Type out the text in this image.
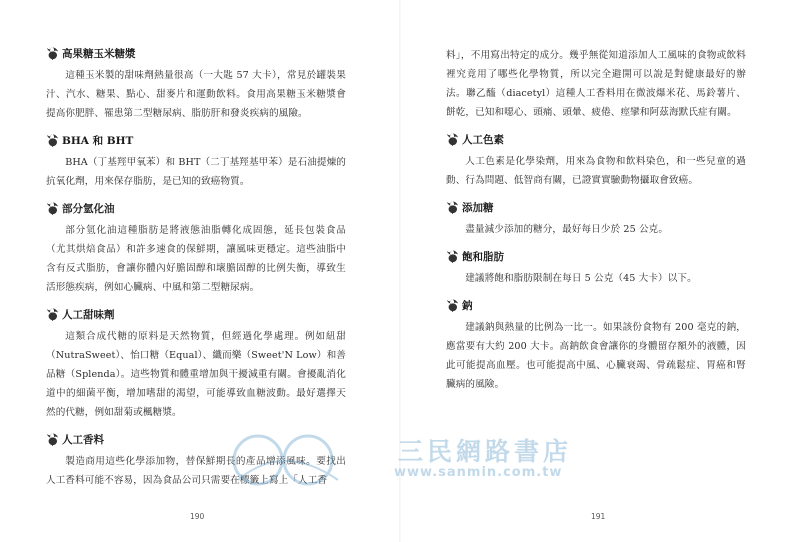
高果糖玉米糖漿

這種玉米製的甜味劑熱量很高（一大匙 57 大卡），常見於罐裝果汁、汽水、糖果、點心、甜麥片和運動飲料。食用高果糖玉米糖漿會提高你肥胖、罹患第二型糖尿病、脂肪肝和發炎疾病的風險。

BHA 和 BHT

BHA（丁基羥甲氧苯）和 BHT（二丁基羥基甲苯）是石油提煉的抗氧化劑，用來保存脂肪，是已知的致癌物質。

部分氫化油

部分氫化油這種脂肪是將液態油脂轉化成固態，延長包裝食品（尤其烘焙食品）和許多速食的保鮮期，讓風味更穩定。這些油脂中含有反式脂肪，會讓你體內好膽固醇和壞膽固醇的比例失衡，導致生活形態疾病，例如心臟病、中風和第二型糖尿病。

人工甜味劑

這類合成代糖的原料是天然物質，但經過化學處理。例如紐甜（NutraSweet）、怡口糖（Equal）、纖而樂（Sweet'N Low）和善品糖（Splenda）。這些物質和體重增加與干擾減重有關。會擾亂消化道中的細菌平衡，增加嗜甜的渴望，可能導致血糖波動。最好選擇天然的代糖，例如甜菊或楓糖漿。

人工香料

製造商用這些化學添加物，替保鮮期長的產品增添風味。要找出人工香料可能不容易，因為食品公司只需要在標籤上寫上「人工香

190

料」，不用寫出特定的成分。幾乎無從知道添加人工風味的食物或飲料裡究竟用了哪些化學物質，所以完全避開可以說是對健康最好的辦法。聯乙醯（diacetyl）這種人工香料用在微波爆米花、馬鈴薯片、餅乾，已知和噁心、頭痛、頭暈、疲倦、痙攣和阿茲海默氏症有關。

人工色素

人工色素是化學染劑，用來為食物和飲料染色，和一些兒童的過動、行為問題、低智商有關，已證實實驗動物攝取會致癌。

添加糖

盡量減少添加的糖分，最好每日少於 25 公克。

飽和脂肪

建議將飽和脂肪限制在每日 5 公克（45 大卡）以下。

鈉

建議鈉與熱量的比例為一比一。如果該份食物有 200 毫克的鈉，應當要有大約 200 大卡。高鈉飲食會讓你的身體留存額外的液體，因此可能提高血壓。也可能提高中風、心臟衰竭、骨疏鬆症、胃癌和腎臟病的風險。

191
三民網路書店
www.sanmin.com.tw
